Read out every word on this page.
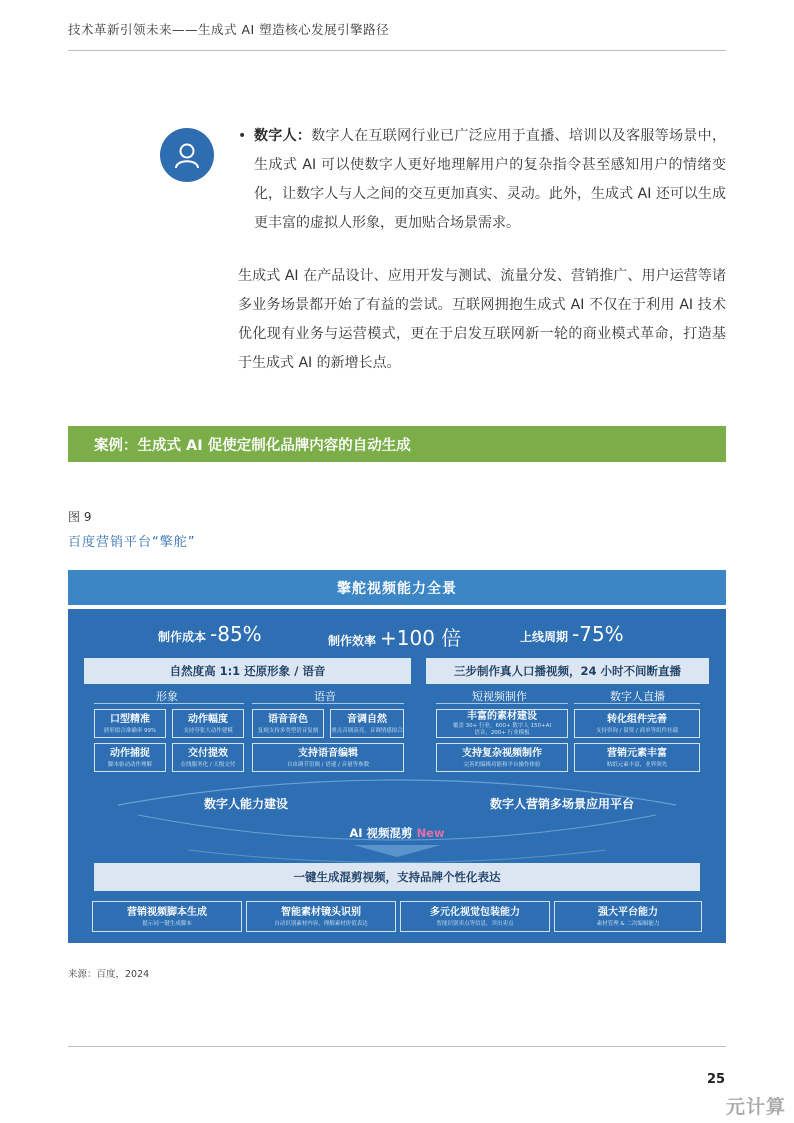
技术革新引领未来——生成式 AI 塑造核心发展引擎路径
• 数字人：数字人在互联网行业已广泛应用于直播、培训以及客服等场景中，生成式 AI 可以使数字人更好地理解用户的复杂指令甚至感知用户的情绪变化，让数字人与人之间的交互更加真实、灵动。此外，生成式 AI 还可以生成更丰富的虚拟人形象，更加贴合场景需求。
生成式 AI 在产品设计、应用开发与测试、流量分发、营销推广、用户运营等诸多业务场景都开始了有益的尝试。互联网拥抱生成式 AI 不仅在于利用 AI 技术优化现有业务与运营模式，更在于启发互联网新一轮的商业模式革命，打造基于生成式 AI 的新增长点。
案例：生成式 AI 促使定制化品牌内容的自动生成
图 9
百度营销平台“擎舵”
擎舵视频能力全景
制作成本 -85%	制作效率 +100 倍	上线周期 -75%
自然度高 1:1 还原形象 / 语音	三步制作真人口播视频，24 小时不间断直播
形象	语音	短视频制作	数字人直播
口型精准
唇形拟合准确率 99%
动作幅度
支持夸张大动作建模
语音音色
复刻支持多类型语音复刻
音调自然
重点音调高亮，音调情感拟合
动作捕捉
脚本驱动动作理解
交付提效
在线服务化 / 天级交付
支持语音编辑
自由调节语调 / 语速 / 音量等参数
丰富的素材建设
覆盖 30+ 行业，600+ 数字人 150+AI
语音，200+ 行业模板
转化组件完善
支持咨询 / 留资 / 商单等组件挂载
支持复杂视频制作
完善的编辑功能和平台操作体验
营销元素丰富
贴纸元素丰富，业界领先
数字人能力建设	数字人营销多场景应用平台
AI 视频混剪 New
一键生成混剪视频，支持品牌个性化表达
营销视频脚本生成
提示词一键生成脚本
智能素材镜头识别
自动识别素材内容，理解素材价值表达
多元化视觉包装能力
智能识别卖点等信息，突出卖点
强大平台能力
素材管理 & 二次编辑能力
来源：百度，2024
25
元计算
